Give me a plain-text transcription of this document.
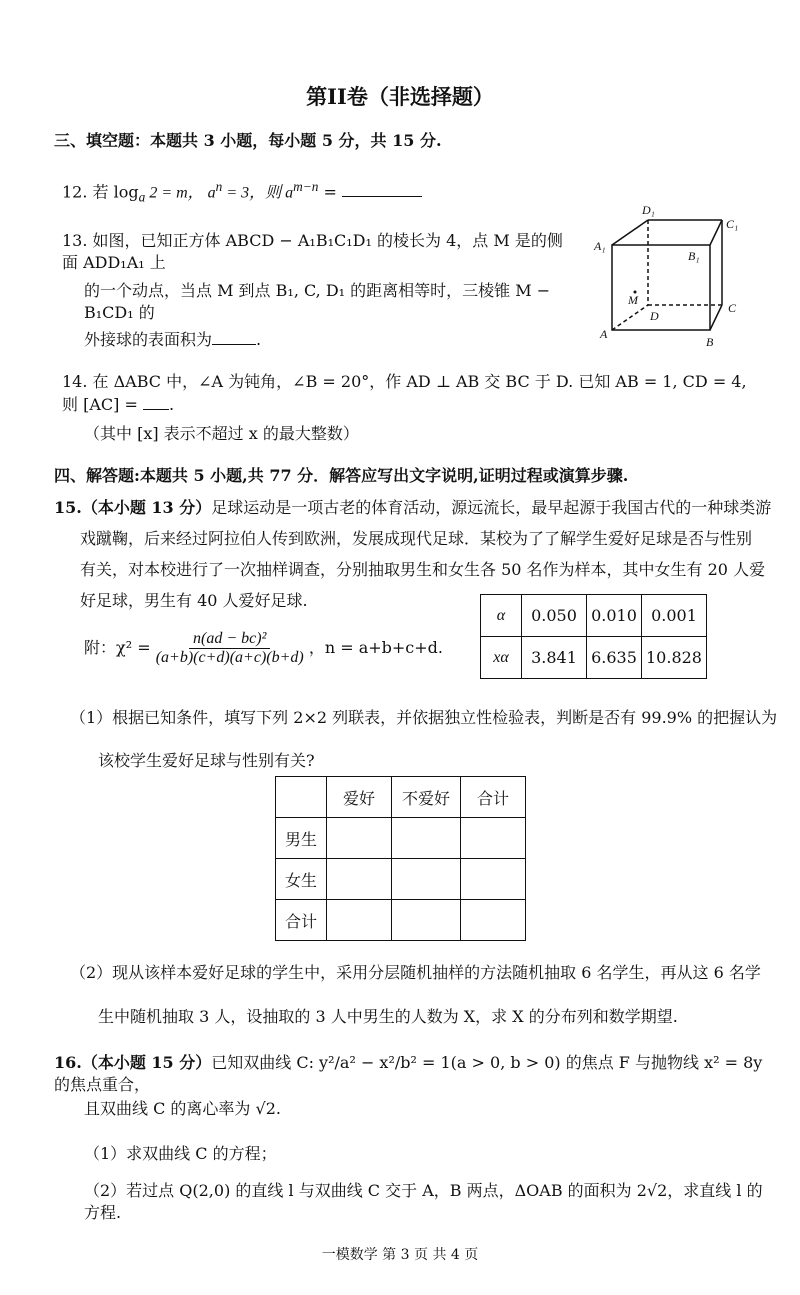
第II卷（非选择题）
三、填空题：本题共 3 小题，每小题 5 分，共 15 分.
12. 若 $\log_a 2 = m$， $a^n = 3$，则 $a^{m-n}$ =
13. 如图，已知正方体 ABCD − A₁B₁C₁D₁ 的棱长为 4，点 M 是的侧面 ADD₁A₁ 上
的一个动点，当点 M 到点 B₁, C, D₁ 的距离相等时，三棱锥 M − B₁CD₁ 的
外接球的表面积为	.	A
B
C
D
A₁
B₁
C₁
D₁
M
14. 在 ΔABC 中，∠A 为钝角，∠B = 20°，作 AD ⊥ AB 交 BC 于 D. 已知 AB = 1, CD = 4, 则 [AC] = .
（其中 [x] 表示不超过 x 的最大整数）
四、解答题:本题共 5 小题,共 77 分．解答应写出文字说明,证明过程或演算步骤.
15.（本小题 13 分）足球运动是一项古老的体育活动，源远流长，最早起源于我国古代的一种球类游
戏蹴鞠，后来经过阿拉伯人传到欧洲，发展成现代足球．某校为了了解学生爱好足球是否与性别
有关，对本校进行了一次抽样调查，分别抽取男生和女生各 50 名作为样本，其中女生有 20 人爱
好足球，男生有 40 人爱好足球.
附：$\chi^2 = \frac{\text{n(ad − bc)²}}{(a+b)(c+d)(a+c)(b+d)}$ ，n = a+b+c+d.
α	0.050	0.010	0.001
xα	3.841	6.635	10.828
（1）根据已知条件，填写下列 2×2 列联表，并依据独立性检验表，判断是否有 99.9% 的把握认为
该校学生爱好足球与性别有关?
	爱好	不爱好	合计
男生			
女生			
合计			
（2）现从该样本爱好足球的学生中，采用分层随机抽样的方法随机抽取 6 名学生，再从这 6 名学
生中随机抽取 3 人，设抽取的 3 人中男生的人数为 X，求 X 的分布列和数学期望.
16.（本小题 15 分）已知双曲线 C: y²/a² − x²/b² = 1(a > 0, b > 0) 的焦点 F 与抛物线 x² = 8y 的焦点重合，
且双曲线 C 的离心率为 √2.
（1）求双曲线 C 的方程；
（2）若过点 Q(2,0) 的直线 l 与双曲线 C 交于 A，B 两点，ΔOAB 的面积为 2√2，求直线 l 的方程.
一模数学 第 3 页 共 4 页
